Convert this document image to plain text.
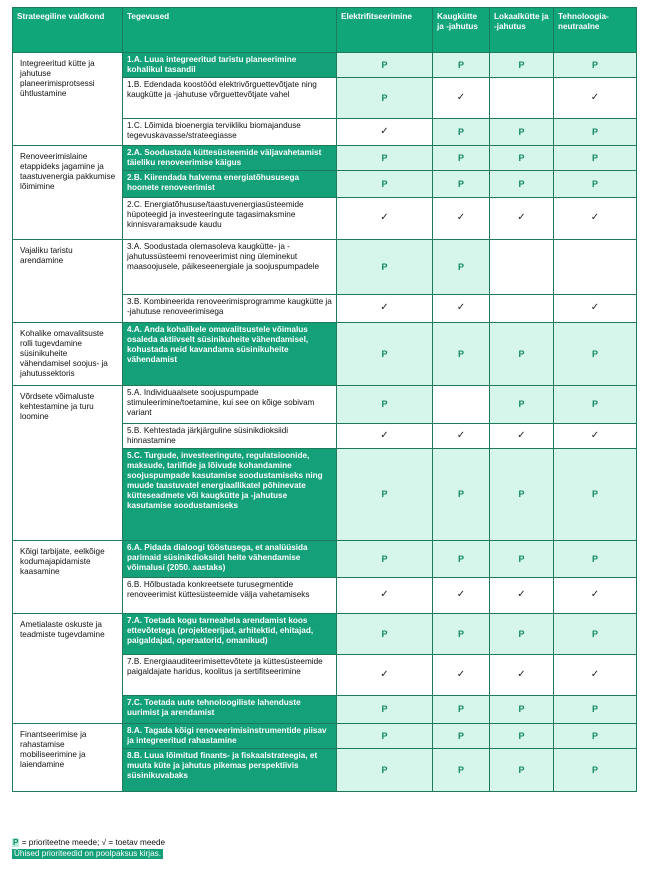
Strateegiline valdkond	Tegevused	Elektrifitseerimine	Kaugkütte ja -jahutus	Lokaalkütte ja -jahutus	Tehnoloogia-neutraalne
Integreeritud kütte ja jahutuse planeerimisprotsessi ühtlustamine	1.A. Luua integreeritud taristu planeerimine kohalikul tasandil	P	P	P	P
	1.B. Edendada koostööd elektrivõrguettevõtjate ning kaugkütte ja -jahutuse võrguettevõtjate vahel	P	✓		✓
	1.C. Lõimida bioenergia tervikliku biomajanduse tegevuskavasse/strateegiasse	✓	P	P	P
Renoveerimislaine etappideks jagamine ja taastuvenergia pakkumise lõimimine	2.A. Soodustada küttesüsteemide väljavahetamist täieliku renoveerimise käigus	P	P	P	P
	2.B. Kiirendada halvema energiatõhususega hoonete renoveerimist	P	P	P	P
	2.C. Energiatõhususe/taastuvenergiasüsteemide hüpoteegid ja investeeringute tagasimaksmine kinnisvaramaksude kaudu	✓	✓	✓	✓
Vajaliku taristu arendamine	3.A. Soodustada olemasoleva kaugkütte- ja -jahutussüsteemi renoveerimist ning üleminekut maasoojusele, päikeseenergiale ja soojuspumpadele	P	P		
	3.B. Kombineerida renoveerimisprogramme kaugkütte ja -jahutuse renoveerimisega	✓	✓		✓
Kohalike omavalitsuste rolli tugevdamine süsinikuheite vähendamisel soojus- ja jahutussektoris	4.A. Anda kohalikele omavalitsustele võimalus osaleda aktiivselt süsinikuheite vähendamisel, kohustada neid kavandama süsinikuheite vähendamist	P	P	P	P
Võrdsete võimaluste kehtestamine ja turu loomine	5.A. Individuaalsete soojuspumpade stimuleerimine/toetamine, kui see on kõige sobivam variant	P		P	P
	5.B. Kehtestada järkjärguline süsinikdioksiidi hinnastamine	✓	✓	✓	✓
	5.C. Turgude, investeeringute, regulatsioonide, maksude, tariifide ja lõivude kohandamine soojuspumpade kasutamise soodustamiseks ning muude taastuvatel energiaallikatel põhinevate kütteseadmete või kaugkütte ja -jahutuse kasutamise soodustamiseks	P	P	P	P
Kõigi tarbijate, eelkõige kodumajapidamiste kaasamine	6.A. Pidada dialoogi tööstusega, et analüüsida parimaid süsinikdioksiidi heite vähendamise võimalusi (2050. aastaks)	P	P	P	P
	6.B. Hõlbustada konkreetsete turusegmentide renoveerimist küttesüsteemide välja vahetamiseks	✓	✓	✓	✓
Ametialaste oskuste ja teadmiste tugevdamine	7.A. Toetada kogu tarneahela arendamist koos ettevõtetega (projekteerijad, arhitektid, ehitajad, paigaldajad, operaatorid, omanikud)	P	P	P	P
	7.B. Energiaauditeerimisettevõtete ja küttesüsteemide paigaldajate haridus, koolitus ja sertifitseerimine	✓	✓	✓	✓
	7.C. Toetada uute tehnoloogiliste lahenduste uurimist ja arendamist	P	P	P	P
Finantseerimise ja rahastamise mobiliseerimine ja laiendamine	8.A. Tagada kõigi renoveerimisinstrumentide piisav ja integreeritud rahastamine	P	P	P	P
	8.B. Luua lõimitud finants- ja fiskaalstrateegia, et muuta küte ja jahutus pikemas perspektiivis süsinikuvabaks	P	P	P	P
P = prioriteetne meede; √ = toetav meede
Ühised prioriteedid on poolpaksus kirjas.
